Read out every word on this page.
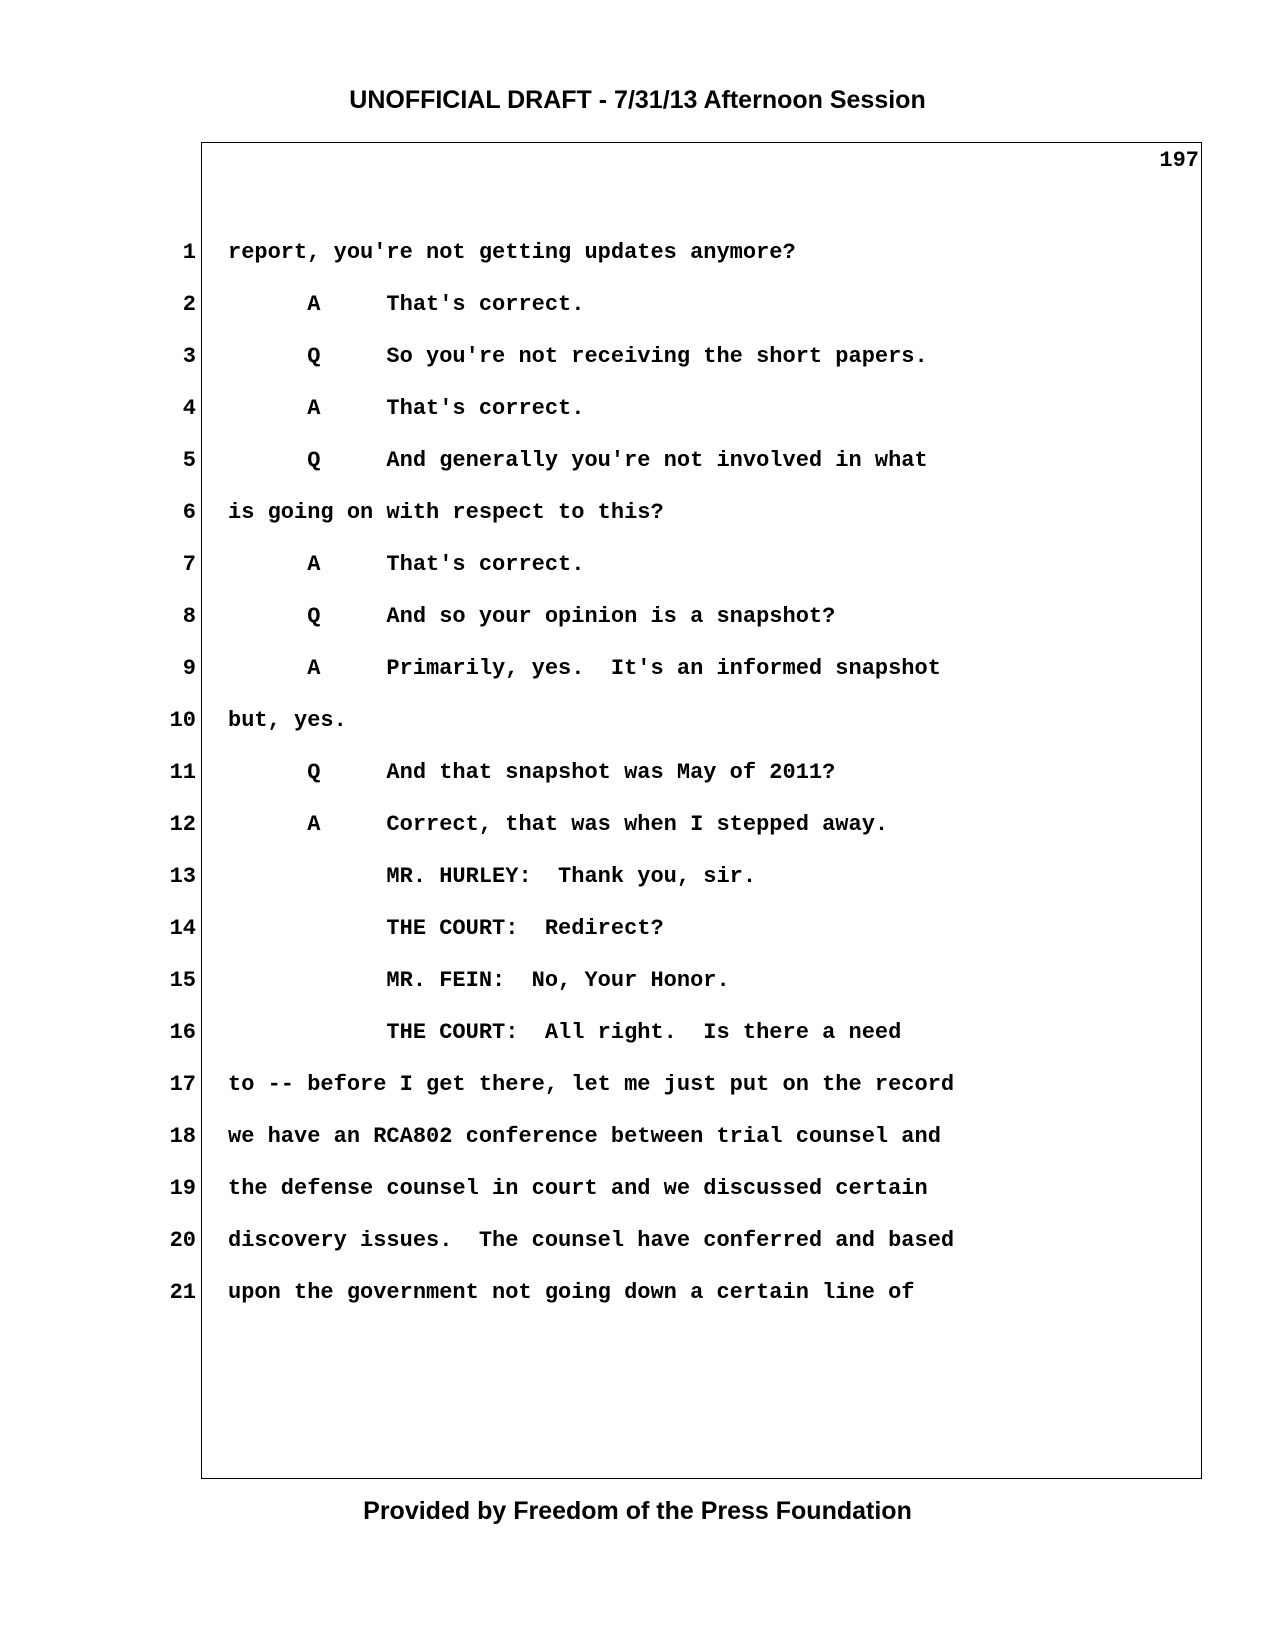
UNOFFICIAL DRAFT - 7/31/13 Afternoon Session
197
1 report, you're not getting updates anymore?
2 A     That's correct.
3 Q     So you're not receiving the short papers.
4 A     That's correct.
5 Q     And generally you're not involved in what
6 is going on with respect to this?
7 A     That's correct.
8 Q     And so your opinion is a snapshot?
9 A     Primarily, yes.  It's an informed snapshot
10 but, yes.
11 Q     And that snapshot was May of 2011?
12 A     Correct, that was when I stepped away.
13 MR. HURLEY:  Thank you, sir.
14 THE COURT:  Redirect?
15 MR. FEIN:  No, Your Honor.
16 THE COURT:  All right.  Is there a need
17 to -- before I get there, let me just put on the record
18 we have an RCA802 conference between trial counsel and
19 the defense counsel in court and we discussed certain
20 discovery issues.  The counsel have conferred and based
21 upon the government not going down a certain line of
Provided by Freedom of the Press Foundation
